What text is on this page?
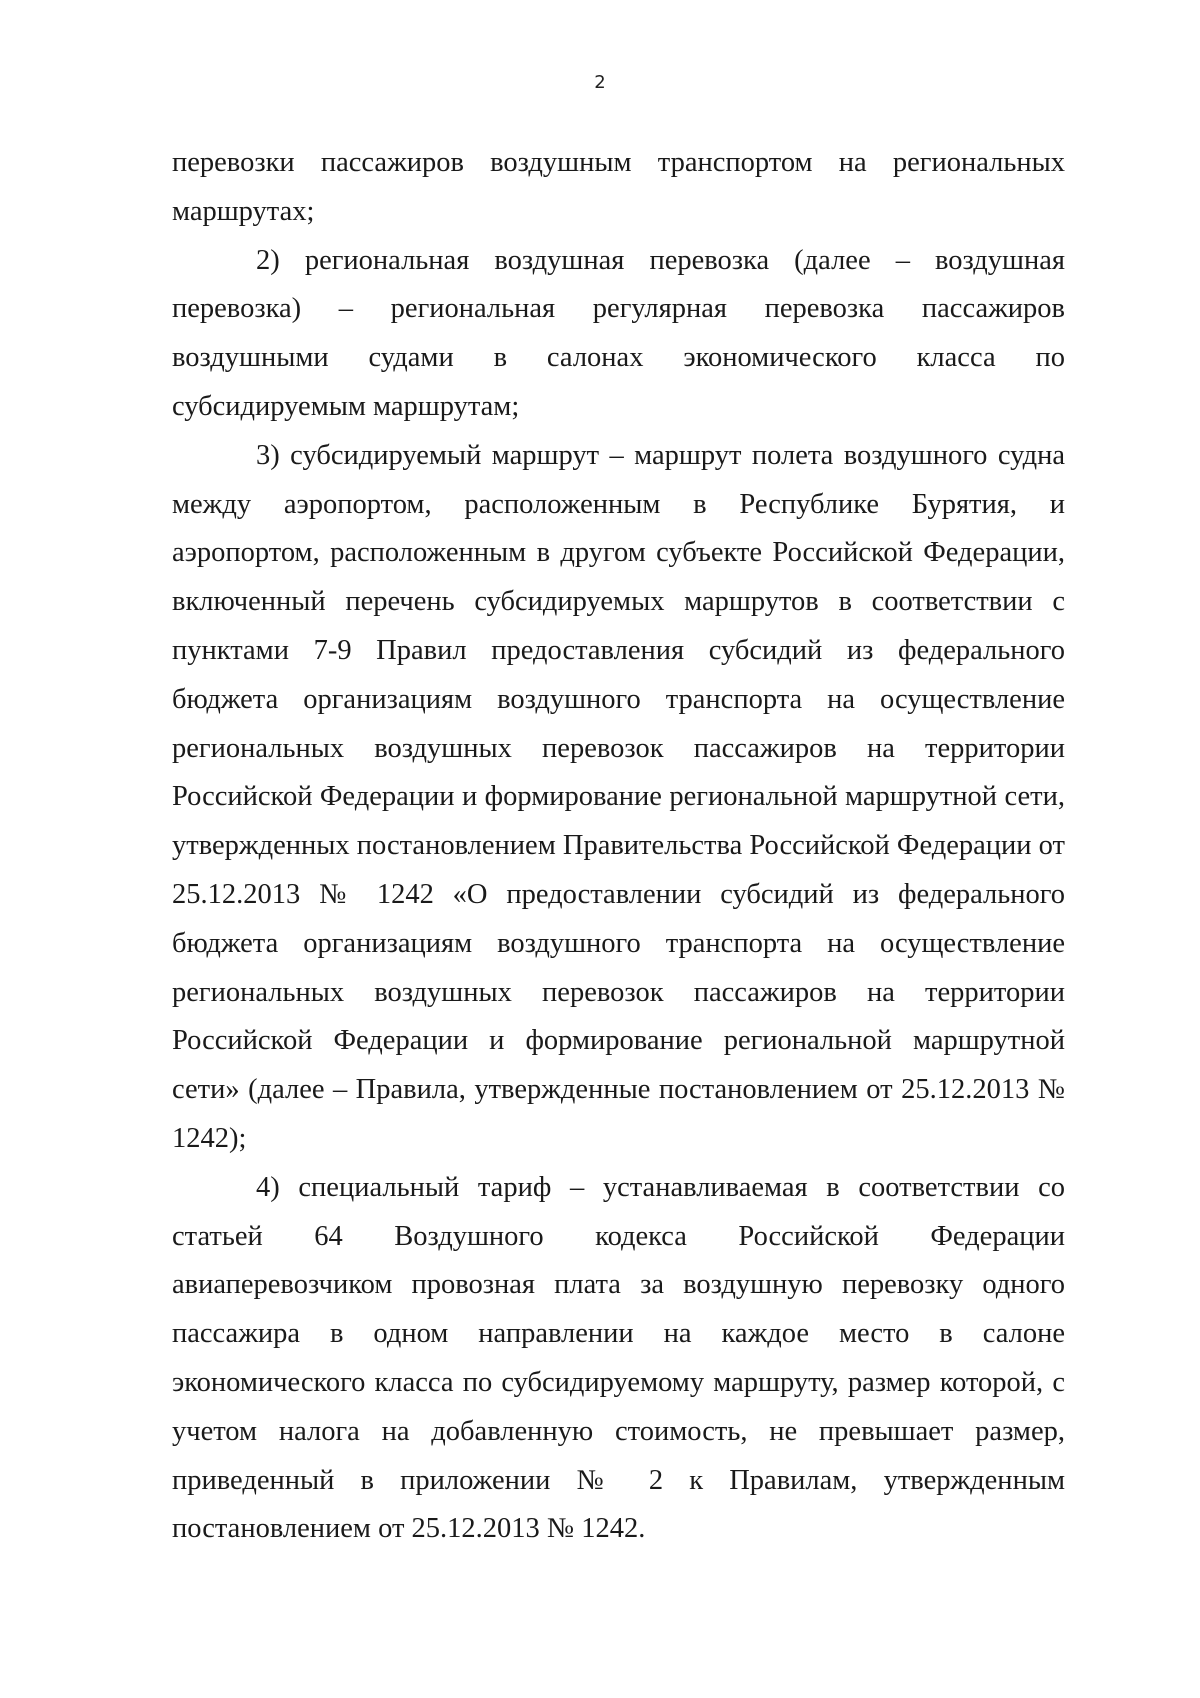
2

перевозки пассажиров воздушным транспортом на региональных маршрутах;

2) региональная воздушная перевозка (далее – воздушная перевозка) – региональная регулярная перевозка пассажиров воздушными судами в салонах экономического класса по субсидируемым маршрутам;

3) субсидируемый маршрут – маршрут полета воздушного судна между аэропортом, расположенным в Республике Бурятия, и аэропортом, расположенным в другом субъекте Российской Федерации, включенный перечень субсидируемых маршрутов в соответствии с пунктами 7-9 Правил предоставления субсидий из федерального бюджета организациям воздушного транспорта на осуществление региональных воздушных перевозок пассажиров на территории Российской Федерации и формирование региональной маршрутной сети, утвержденных постановлением Правительства Российской Федерации от 25.12.2013 № 1242 «О предоставлении субсидий из федерального бюджета организациям воздушного транспорта на осуществление региональных воздушных перевозок пассажиров на территории Российской Федерации и формирование региональной маршрутной сети» (далее – Правила, утвержденные постановлением от 25.12.2013 № 1242);

4) специальный тариф – устанавливаемая в соответствии со статьей 64 Воздушного кодекса Российской Федерации авиаперевозчиком провозная плата за воздушную перевозку одного пассажира в одном направлении на каждое место в салоне экономического класса по субсидируемому маршруту, размер которой, с учетом налога на добавленную стоимость, не превышает размер, приведенный в приложении № 2 к Правилам, утвержденным постановлением от 25.12.2013 № 1242.
